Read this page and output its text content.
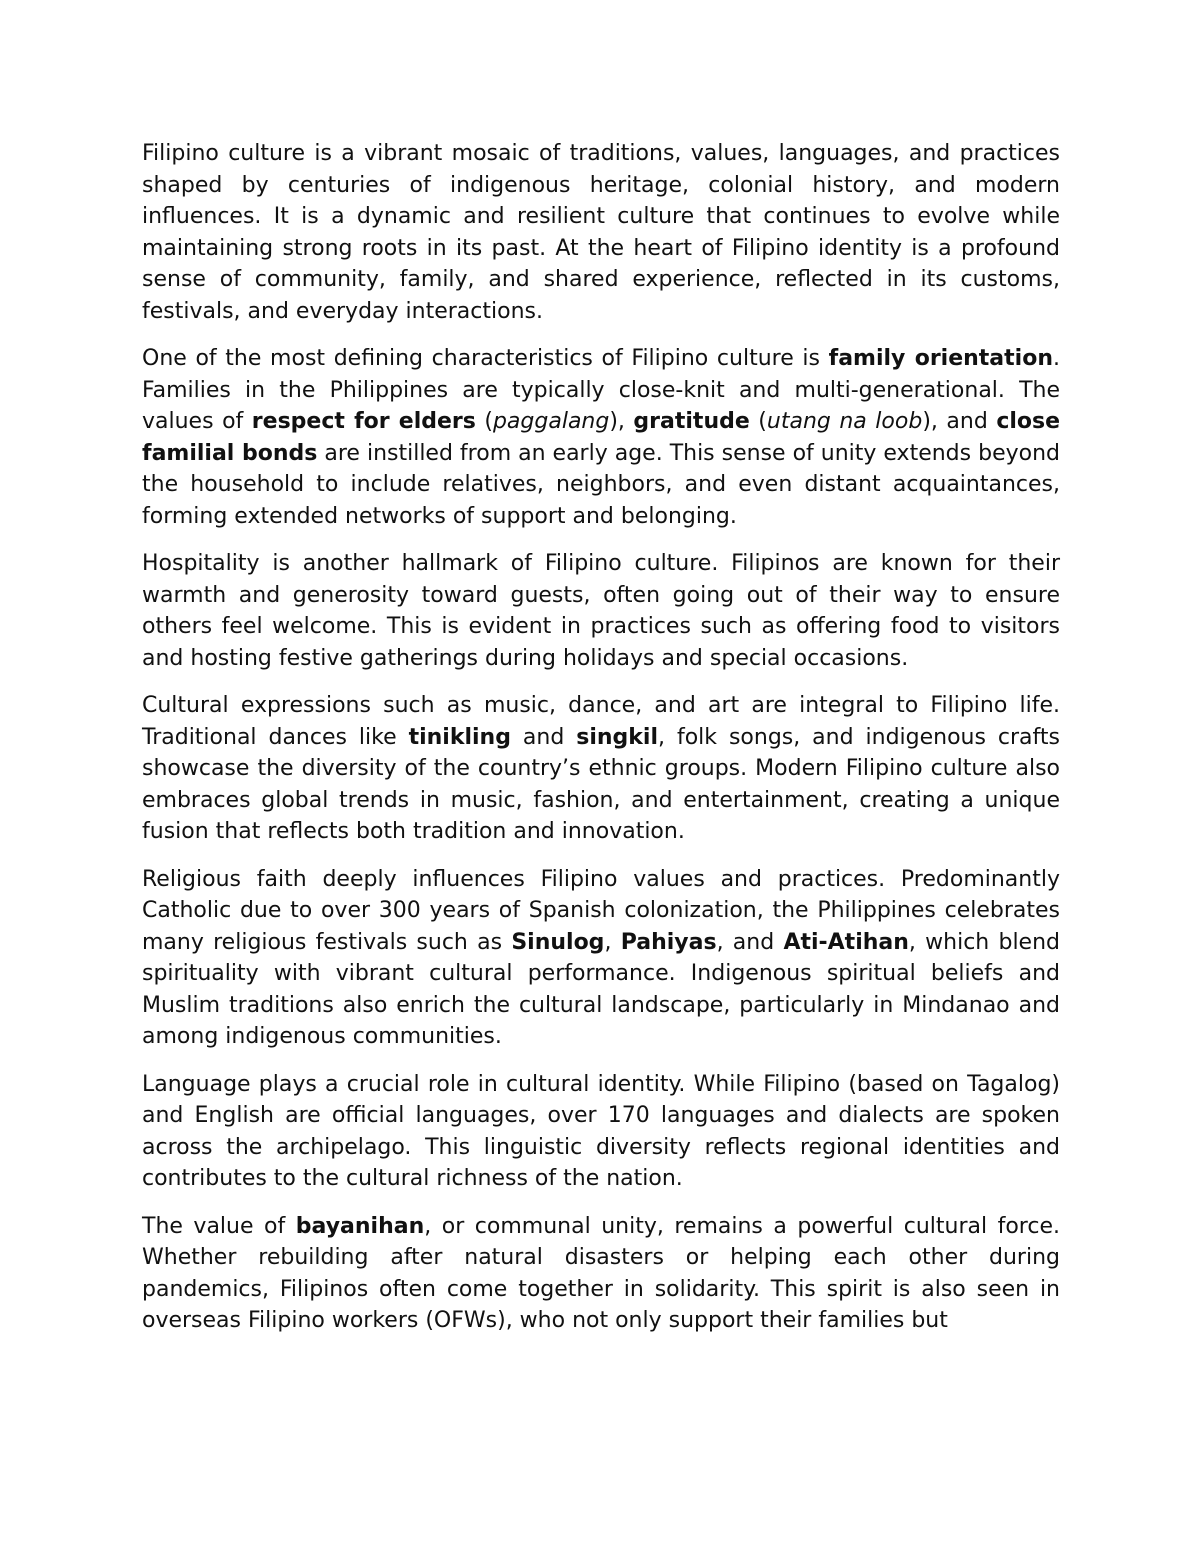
Filipino culture is a vibrant mosaic of traditions, values, languages, and practices shaped by centuries of indigenous heritage, colonial history, and modern influences. It is a dynamic and resilient culture that continues to evolve while maintaining strong roots in its past. At the heart of Filipino identity is a profound sense of community, family, and shared experience, reflected in its customs, festivals, and everyday interactions.

One of the most defining characteristics of Filipino culture is family orientation. Families in the Philippines are typically close-knit and multi-generational. The values of respect for elders (paggalang), gratitude (utang na loob), and close familial bonds are instilled from an early age. This sense of unity extends beyond the household to include relatives, neighbors, and even distant acquaintances, forming extended networks of support and belonging.

Hospitality is another hallmark of Filipino culture. Filipinos are known for their warmth and generosity toward guests, often going out of their way to ensure others feel welcome. This is evident in practices such as offering food to visitors and hosting festive gatherings during holidays and special occasions.

Cultural expressions such as music, dance, and art are integral to Filipino life. Traditional dances like tinikling and singkil, folk songs, and indigenous crafts showcase the diversity of the country’s ethnic groups. Modern Filipino culture also embraces global trends in music, fashion, and entertainment, creating a unique fusion that reflects both tradition and innovation.

Religious faith deeply influences Filipino values and practices. Predominantly Catholic due to over 300 years of Spanish colonization, the Philippines celebrates many religious festivals such as Sinulog, Pahiyas, and Ati-Atihan, which blend spirituality with vibrant cultural performance. Indigenous spiritual beliefs and Muslim traditions also enrich the cultural landscape, particularly in Mindanao and among indigenous communities.

Language plays a crucial role in cultural identity. While Filipino (based on Tagalog) and English are official languages, over 170 languages and dialects are spoken across the archipelago. This linguistic diversity reflects regional identities and contributes to the cultural richness of the nation.

The value of bayanihan, or communal unity, remains a powerful cultural force. Whether rebuilding after natural disasters or helping each other during pandemics, Filipinos often come together in solidarity. This spirit is also seen in overseas Filipino workers (OFWs), who not only support their families but
